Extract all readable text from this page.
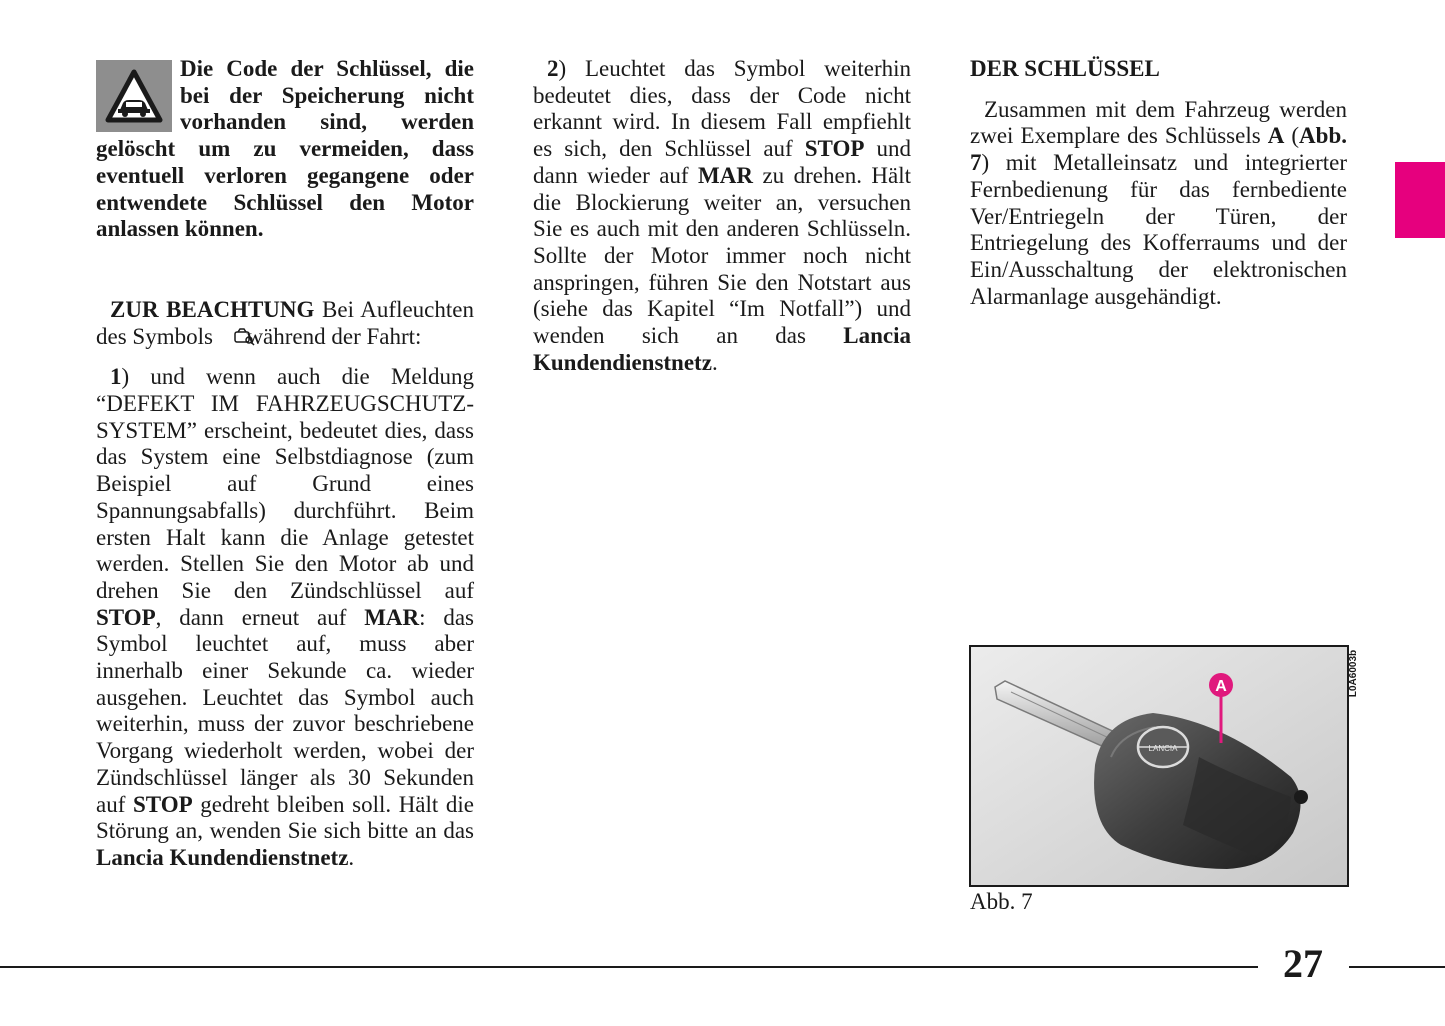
Die Code der Schlüssel, die bei der Speicherung nicht vorhanden sind, werden gelöscht um zu vermeiden, dass eventuell verloren gegangene oder entwendete Schlüssel den Motor anlassen können.

ZUR BEACHTUNG Bei Aufleuchten des Symbols  während der Fahrt:

1) und wenn auch die Meldung “DEFEKT IM FAHRZEUGSCHUTZ-SYSTEM” erscheint, bedeutet dies, dass das System eine Selbstdiagnose (zum Beispiel auf Grund eines Spannungsabfalls) durchführt. Beim ersten Halt kann die Anlage getestet werden. Stellen Sie den Motor ab und drehen Sie den Zündschlüssel auf STOP, dann erneut auf MAR: das Symbol leuchtet auf, muss aber innerhalb einer Sekunde ca. wieder ausgehen. Leuchtet das Symbol auch weiterhin, muss der zuvor beschriebene Vorgang wiederholt werden, wobei der Zündschlüssel länger als 30 Sekunden auf STOP gedreht bleiben soll. Hält die Störung an, wenden Sie sich bitte an das Lancia Kundendienstnetz.

2) Leuchtet das Symbol weiterhin bedeutet dies, dass der Code nicht erkannt wird. In diesem Fall empfiehlt es sich, den Schlüssel auf STOP und dann wieder auf MAR zu drehen. Hält die Blockierung weiter an, versuchen Sie es auch mit den anderen Schlüsseln. Sollte der Motor immer noch nicht anspringen, führen Sie den Notstart aus (siehe das Kapitel “Im Notfall”) und wenden sich an das Lancia Kundendienstnetz.

DER SCHLÜSSEL

Zusammen mit dem Fahrzeug werden zwei Exemplare des Schlüssels A (Abb. 7) mit Metalleinsatz und integrierter Fernbedienung für das fernbediente Ver/Entriegeln der Türen, der Entriegelung des Kofferraums und der Ein/Ausschaltung der elektronischen Alarmanlage ausgehändigt.

LANCIA
A	L0A6003b
Abb. 7
27
